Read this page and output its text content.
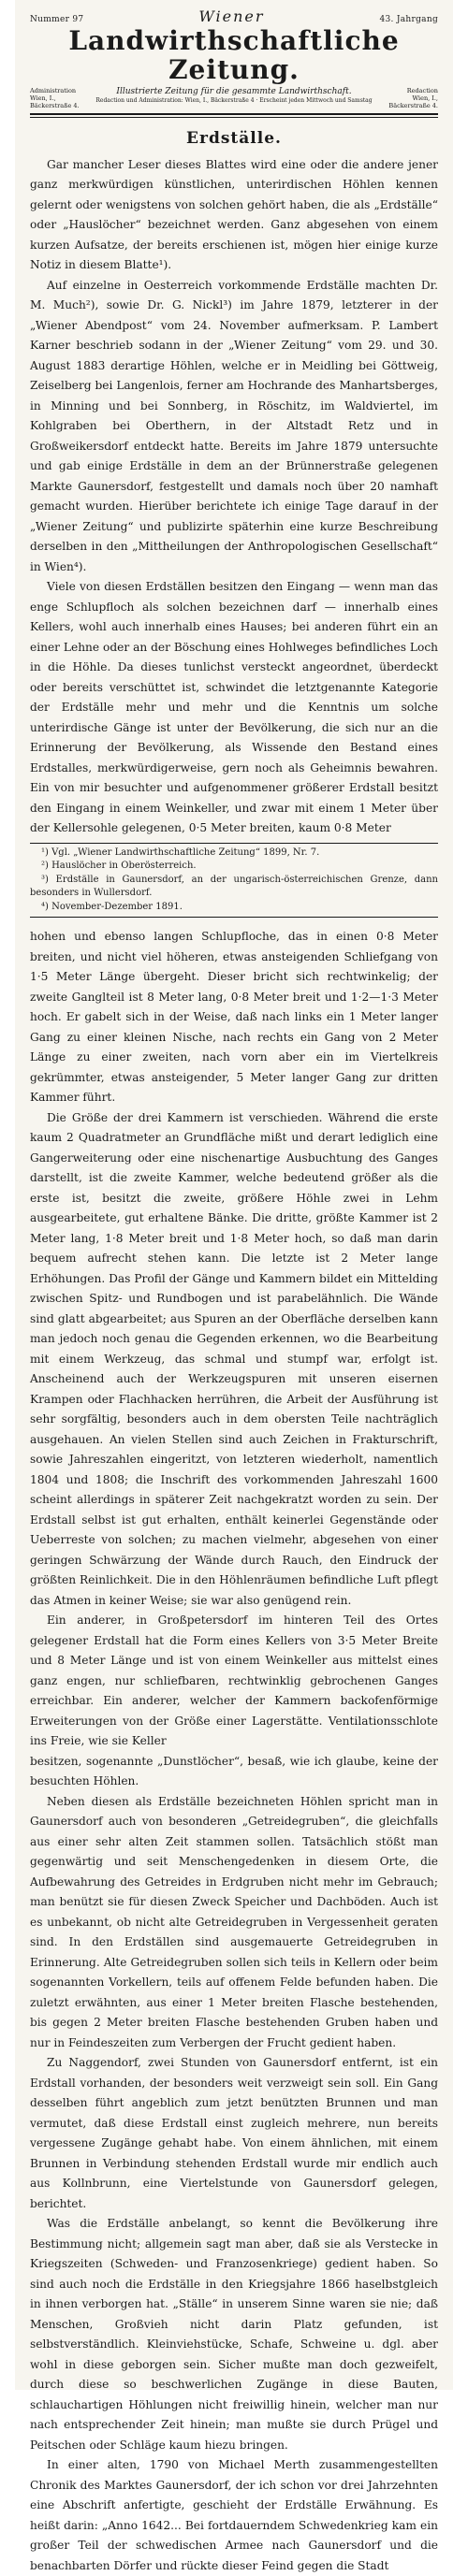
Nummer 97	Wiener	43. Jahrgang
Landwirthschaftliche Zeitung.
Administration
Wien, I., Bäckerstraße 4.
Illustrierte Zeitung für die gesammte Landwirthschaft.
Redaction und Administration: Wien, I., Bäckerstraße 4 · Erscheint jeden Mittwoch und Samstag
Redaction
Wien, I., Bäckerstraße 4.
Erdställe.

Gar mancher Leser dieses Blattes wird eine oder die andere jener ganz merkwürdigen künstlichen, unterirdischen Höhlen kennen gelernt oder wenigstens von solchen gehört haben, die als „Erdställe“ oder „Hauslöcher“ bezeichnet werden. Ganz abgesehen von einem kurzen Aufsatze, der bereits erschienen ist, mögen hier einige kurze Notiz in diesem Blatte¹).

Auf einzelne in Oesterreich vorkommende Erdställe machten Dr. M. Much²), sowie Dr. G. Nickl³) im Jahre 1879, letzterer in der „Wiener Abendpost“ vom 24. November aufmerksam. P. Lambert Karner beschrieb sodann in der „Wiener Zeitung“ vom 29. und 30. August 1883 derartige Höhlen, welche er in Meidling bei Göttweig, Zeiselberg bei Langenlois, ferner am Hochrande des Manhartsberges, in Minning und bei Sonnberg, in Röschitz, im Waldviertel, im Kohlgraben bei Oberthern, in der Altstadt Retz und in Großweikersdorf entdeckt hatte. Bereits im Jahre 1879 untersuchte und gab einige Erdställe in dem an der Brünnerstraße gelegenen Markte Gaunersdorf, festgestellt und damals noch über 20 namhaft gemacht wurden. Hierüber berichtete ich einige Tage darauf in der „Wiener Zeitung“ und publizirte späterhin eine kurze Beschreibung derselben in den „Mittheilungen der Anthropologischen Gesellschaft“ in Wien⁴).

Viele von diesen Erdställen besitzen den Eingang — wenn man das enge Schlupfloch als solchen bezeichnen darf — innerhalb eines Kellers, wohl auch innerhalb eines Hauses; bei anderen führt ein an einer Lehne oder an der Böschung eines Hohlweges befindliches Loch in die Höhle. Da dieses tunlichst versteckt angeordnet, überdeckt oder bereits verschüttet ist, schwindet die letztgenannte Kategorie der Erdställe mehr und mehr und die Kenntnis um solche unterirdische Gänge ist unter der Bevölkerung, die sich nur an die Erinnerung der Bevölkerung, als Wissende den Bestand eines Erdstalles, merkwürdigerweise, gern noch als Geheimnis bewahren. Ein von mir besuchter und aufgenommener größerer Erdstall besitzt den Eingang in einem Weinkeller, und zwar mit einem 1 Meter über der Kellersohle gelegenen, 0·5 Meter breiten, kaum 0·8 Meter

¹) Vgl. „Wiener Landwirthschaftliche Zeitung“ 1899, Nr. 7.

²) Hauslöcher in Oberösterreich.

³) Erdställe in Gaunersdorf, an der ungarisch-österreichischen Grenze, dann besonders in Wullersdorf.

⁴) November-Dezember 1891.

hohen und ebenso langen Schlupfloche, das in einen 0·8 Meter breiten, und nicht viel höheren, etwas ansteigenden Schliefgang von 1·5 Meter Länge übergeht. Dieser bricht sich rechtwinkelig; der zweite Ganglteil ist 8 Meter lang, 0·8 Meter breit und 1·2—1·3 Meter hoch. Er gabelt sich in der Weise, daß nach links ein 1 Meter langer Gang zu einer kleinen Nische, nach rechts ein Gang von 2 Meter Länge zu einer zweiten, nach vorn aber ein im Viertelkreis gekrümmter, etwas ansteigender, 5 Meter langer Gang zur dritten Kammer führt.

Die Größe der drei Kammern ist verschieden. Während die erste kaum 2 Quadratmeter an Grundfläche mißt und derart lediglich eine Gangerweiterung oder eine nischenartige Ausbuchtung des Ganges darstellt, ist die zweite Kammer, welche bedeutend größer als die erste ist, besitzt die zweite, größere Höhle zwei in Lehm ausgearbeitete, gut erhaltene Bänke. Die dritte, größte Kammer ist 2 Meter lang, 1·8 Meter breit und 1·8 Meter hoch, so daß man darin bequem aufrecht stehen kann. Die letzte ist 2 Meter lange Erhöhungen. Das Profil der Gänge und Kammern bildet ein Mittelding zwischen Spitz- und Rundbogen und ist parabelähnlich. Die Wände sind glatt abgearbeitet; aus Spuren an der Oberfläche derselben kann man jedoch noch genau die Gegenden erkennen, wo die Bearbeitung mit einem Werkzeug, das schmal und stumpf war, erfolgt ist. Anscheinend auch der Werkzeugspuren mit unseren eisernen Krampen oder Flachhacken herrühren, die Arbeit der Ausführung ist sehr sorgfältig, besonders auch in dem obersten Teile nachträglich ausgehauen. An vielen Stellen sind auch Zeichen in Frakturschrift, sowie Jahreszahlen eingeritzt, von letzteren wiederholt, namentlich 1804 und 1808; die Inschrift des vorkommenden Jahreszahl 1600 scheint allerdings in späterer Zeit nachgekratzt worden zu sein. Der Erdstall selbst ist gut erhalten, enthält keinerlei Gegenstände oder Ueberreste von solchen; zu machen vielmehr, abgesehen von einer geringen Schwärzung der Wände durch Rauch, den Eindruck der größten Reinlichkeit. Die in den Höhlenräumen befindliche Luft pflegt das Atmen in keiner Weise; sie war also genügend rein.

Ein anderer, in Großpetersdorf im hinteren Teil des Ortes gelegener Erdstall hat die Form eines Kellers von 3·5 Meter Breite und 8 Meter Länge und ist von einem Weinkeller aus mittelst eines ganz engen, nur schliefbaren, rechtwinklig gebrochenen Ganges erreichbar. Ein anderer, welcher der Kammern backofenförmige Erweiterungen von der Größe einer Lagerstätte. Ventilationsschlote ins Freie, wie sie Keller

besitzen, sogenannte „Dunstlöcher“, besaß, wie ich glaube, keine der besuchten Höhlen.

Neben diesen als Erdställe bezeichneten Höhlen spricht man in Gaunersdorf auch von besonderen „Getreidegruben“, die gleichfalls aus einer sehr alten Zeit stammen sollen. Tatsächlich stößt man gegenwärtig und seit Menschengedenken in diesem Orte, die Aufbewahrung des Getreides in Erdgruben nicht mehr im Gebrauch; man benützt sie für diesen Zweck Speicher und Dachböden. Auch ist es unbekannt, ob nicht alte Getreidegruben in Vergessenheit geraten sind. In den Erdställen sind ausgemauerte Getreidegruben in Erinnerung. Alte Getreidegruben sollen sich teils in Kellern oder beim sogenannten Vorkellern, teils auf offenem Felde befunden haben. Die zuletzt erwähnten, aus einer 1 Meter breiten Flasche bestehenden, bis gegen 2 Meter breiten Flasche bestehenden Gruben haben und nur in Feindeszeiten zum Verbergen der Frucht gedient haben.

Zu Naggendorf, zwei Stunden von Gaunersdorf entfernt, ist ein Erdstall vorhanden, der besonders weit verzweigt sein soll. Ein Gang desselben führt angeblich zum jetzt benützten Brunnen und man vermutet, daß diese Erdstall einst zugleich mehrere, nun bereits vergessene Zugänge gehabt habe. Von einem ähnlichen, mit einem Brunnen in Verbindung stehenden Erdstall wurde mir endlich auch aus Kollnbrunn, eine Viertelstunde von Gaunersdorf gelegen, berichtet.

Was die Erdställe anbelangt, so kennt die Bevölkerung ihre Bestimmung nicht; allgemein sagt man aber, daß sie als Verstecke in Kriegszeiten (Schweden- und Franzosenkriege) gedient haben. So sind auch noch die Erdställe in den Kriegsjahre 1866 haselbstgleich in ihnen verborgen hat. „Ställe“ in unserem Sinne waren sie nie; daß Menschen, Großvieh nicht darin Platz gefunden, ist selbstverständlich. Kleinviehstücke, Schafe, Schweine u. dgl. aber wohl in diese geborgen sein. Sicher mußte man doch gezweifelt, durch diese so beschwerlichen Zugänge in diese Bauten, schlauchartigen Höhlungen nicht freiwillig hinein, welcher man nur nach entsprechender Zeit hinein; man mußte sie durch Prügel und Peitschen oder Schläge kaum hiezu bringen.

In einer alten, 1790 von Michael Merth zusammengestellten Chronik des Marktes Gaunersdorf, der ich schon vor drei Jahrzehnten eine Abschrift anfertigte, geschieht der Erdställe Erwähnung. Es heißt darin: „Anno 1642... Bei fortdauerndem Schwedenkrieg kam ein großer Teil der schwedischen Armee nach Gaunersdorf und die benachbarten Dörfer und rückte dieser Feind gegen die Stadt
